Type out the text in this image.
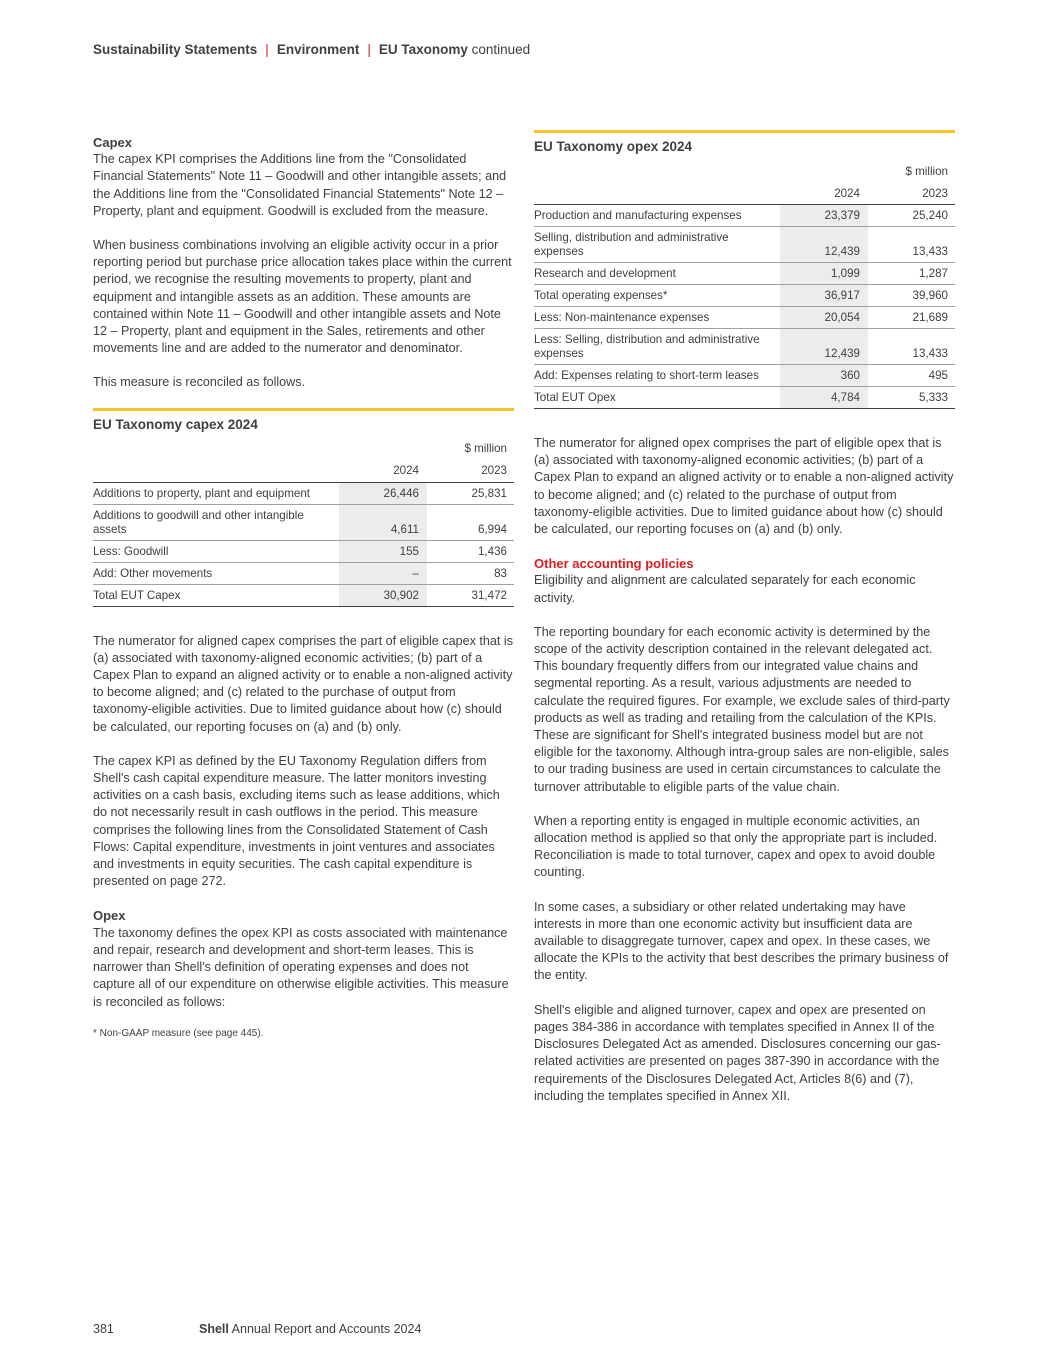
Sustainability Statements | Environment | EU Taxonomy continued

Capex
The capex KPI comprises the Additions line from the "Consolidated Financial Statements" Note 11 – Goodwill and other intangible assets; and the Additions line from the "Consolidated Financial Statements" Note 12 – Property, plant and equipment. Goodwill is excluded from the measure.

When business combinations involving an eligible activity occur in a prior reporting period but purchase price allocation takes place within the current period, we recognise the resulting movements to property, plant and equipment and intangible assets as an addition. These amounts are contained within Note 11 – Goodwill and other intangible assets and Note 12 – Property, plant and equipment in the Sales, retirements and other movements line and are added to the numerator and denominator.

This measure is reconciled as follows.

EU Taxonomy capex 2024
		$ million
	2024	2023
Additions to property, plant and equipment	26,446	25,831
Additions to goodwill and other intangible assets	4,611	6,994
Less: Goodwill	155	1,436
Add: Other movements	–	83
Total EUT Capex	30,902	31,472

The numerator for aligned capex comprises the part of eligible capex that is (a) associated with taxonomy-aligned economic activities; (b) part of a Capex Plan to expand an aligned activity or to enable a non-aligned activity to become aligned; and (c) related to the purchase of output from taxonomy-eligible activities. Due to limited guidance about how (c) should be calculated, our reporting focuses on (a) and (b) only.

The capex KPI as defined by the EU Taxonomy Regulation differs from Shell's cash capital expenditure measure. The latter monitors investing activities on a cash basis, excluding items such as lease additions, which do not necessarily result in cash outflows in the period. This measure comprises the following lines from the Consolidated Statement of Cash Flows: Capital expenditure, investments in joint ventures and associates and investments in equity securities. The cash capital expenditure is presented on page 272.

Opex
The taxonomy defines the opex KPI as costs associated with maintenance and repair, research and development and short-term leases. This is narrower than Shell's definition of operating expenses and does not capture all of our expenditure on otherwise eligible activities. This measure is reconciled as follows:

* Non-GAAP measure (see page 445).
EU Taxonomy opex 2024
		$ million
	2024	2023
Production and manufacturing expenses	23,379	25,240
Selling, distribution and administrative expenses	12,439	13,433
Research and development	1,099	1,287
Total operating expenses*	36,917	39,960
Less: Non-maintenance expenses	20,054	21,689
Less: Selling, distribution and administrative expenses	12,439	13,433
Add: Expenses relating to short-term leases	360	495
Total EUT Opex	4,784	5,333

The numerator for aligned opex comprises the part of eligible opex that is (a) associated with taxonomy-aligned economic activities; (b) part of a Capex Plan to expand an aligned activity or to enable a non-aligned activity to become aligned; and (c) related to the purchase of output from taxonomy-eligible activities. Due to limited guidance about how (c) should be calculated, our reporting focuses on (a) and (b) only.

Other accounting policies
Eligibility and alignment are calculated separately for each economic activity.

The reporting boundary for each economic activity is determined by the scope of the activity description contained in the relevant delegated act. This boundary frequently differs from our integrated value chains and segmental reporting. As a result, various adjustments are needed to calculate the required figures. For example, we exclude sales of third-party products as well as trading and retailing from the calculation of the KPIs. These are significant for Shell's integrated business model but are not eligible for the taxonomy. Although intra-group sales are non-eligible, sales to our trading business are used in certain circumstances to calculate the turnover attributable to eligible parts of the value chain.

When a reporting entity is engaged in multiple economic activities, an allocation method is applied so that only the appropriate part is included. Reconciliation is made to total turnover, capex and opex to avoid double counting.

In some cases, a subsidiary or other related undertaking may have interests in more than one economic activity but insufficient data are available to disaggregate turnover, capex and opex. In these cases, we allocate the KPIs to the activity that best describes the primary business of the entity.

Shell's eligible and aligned turnover, capex and opex are presented on pages 384-386 in accordance with templates specified in Annex II of the Disclosures Delegated Act as amended. Disclosures concerning our gas-related activities are presented on pages 387-390 in accordance with the requirements of the Disclosures Delegated Act, Articles 8(6) and (7), including the templates specified in Annex XII.

381	Shell Annual Report and Accounts 2024
